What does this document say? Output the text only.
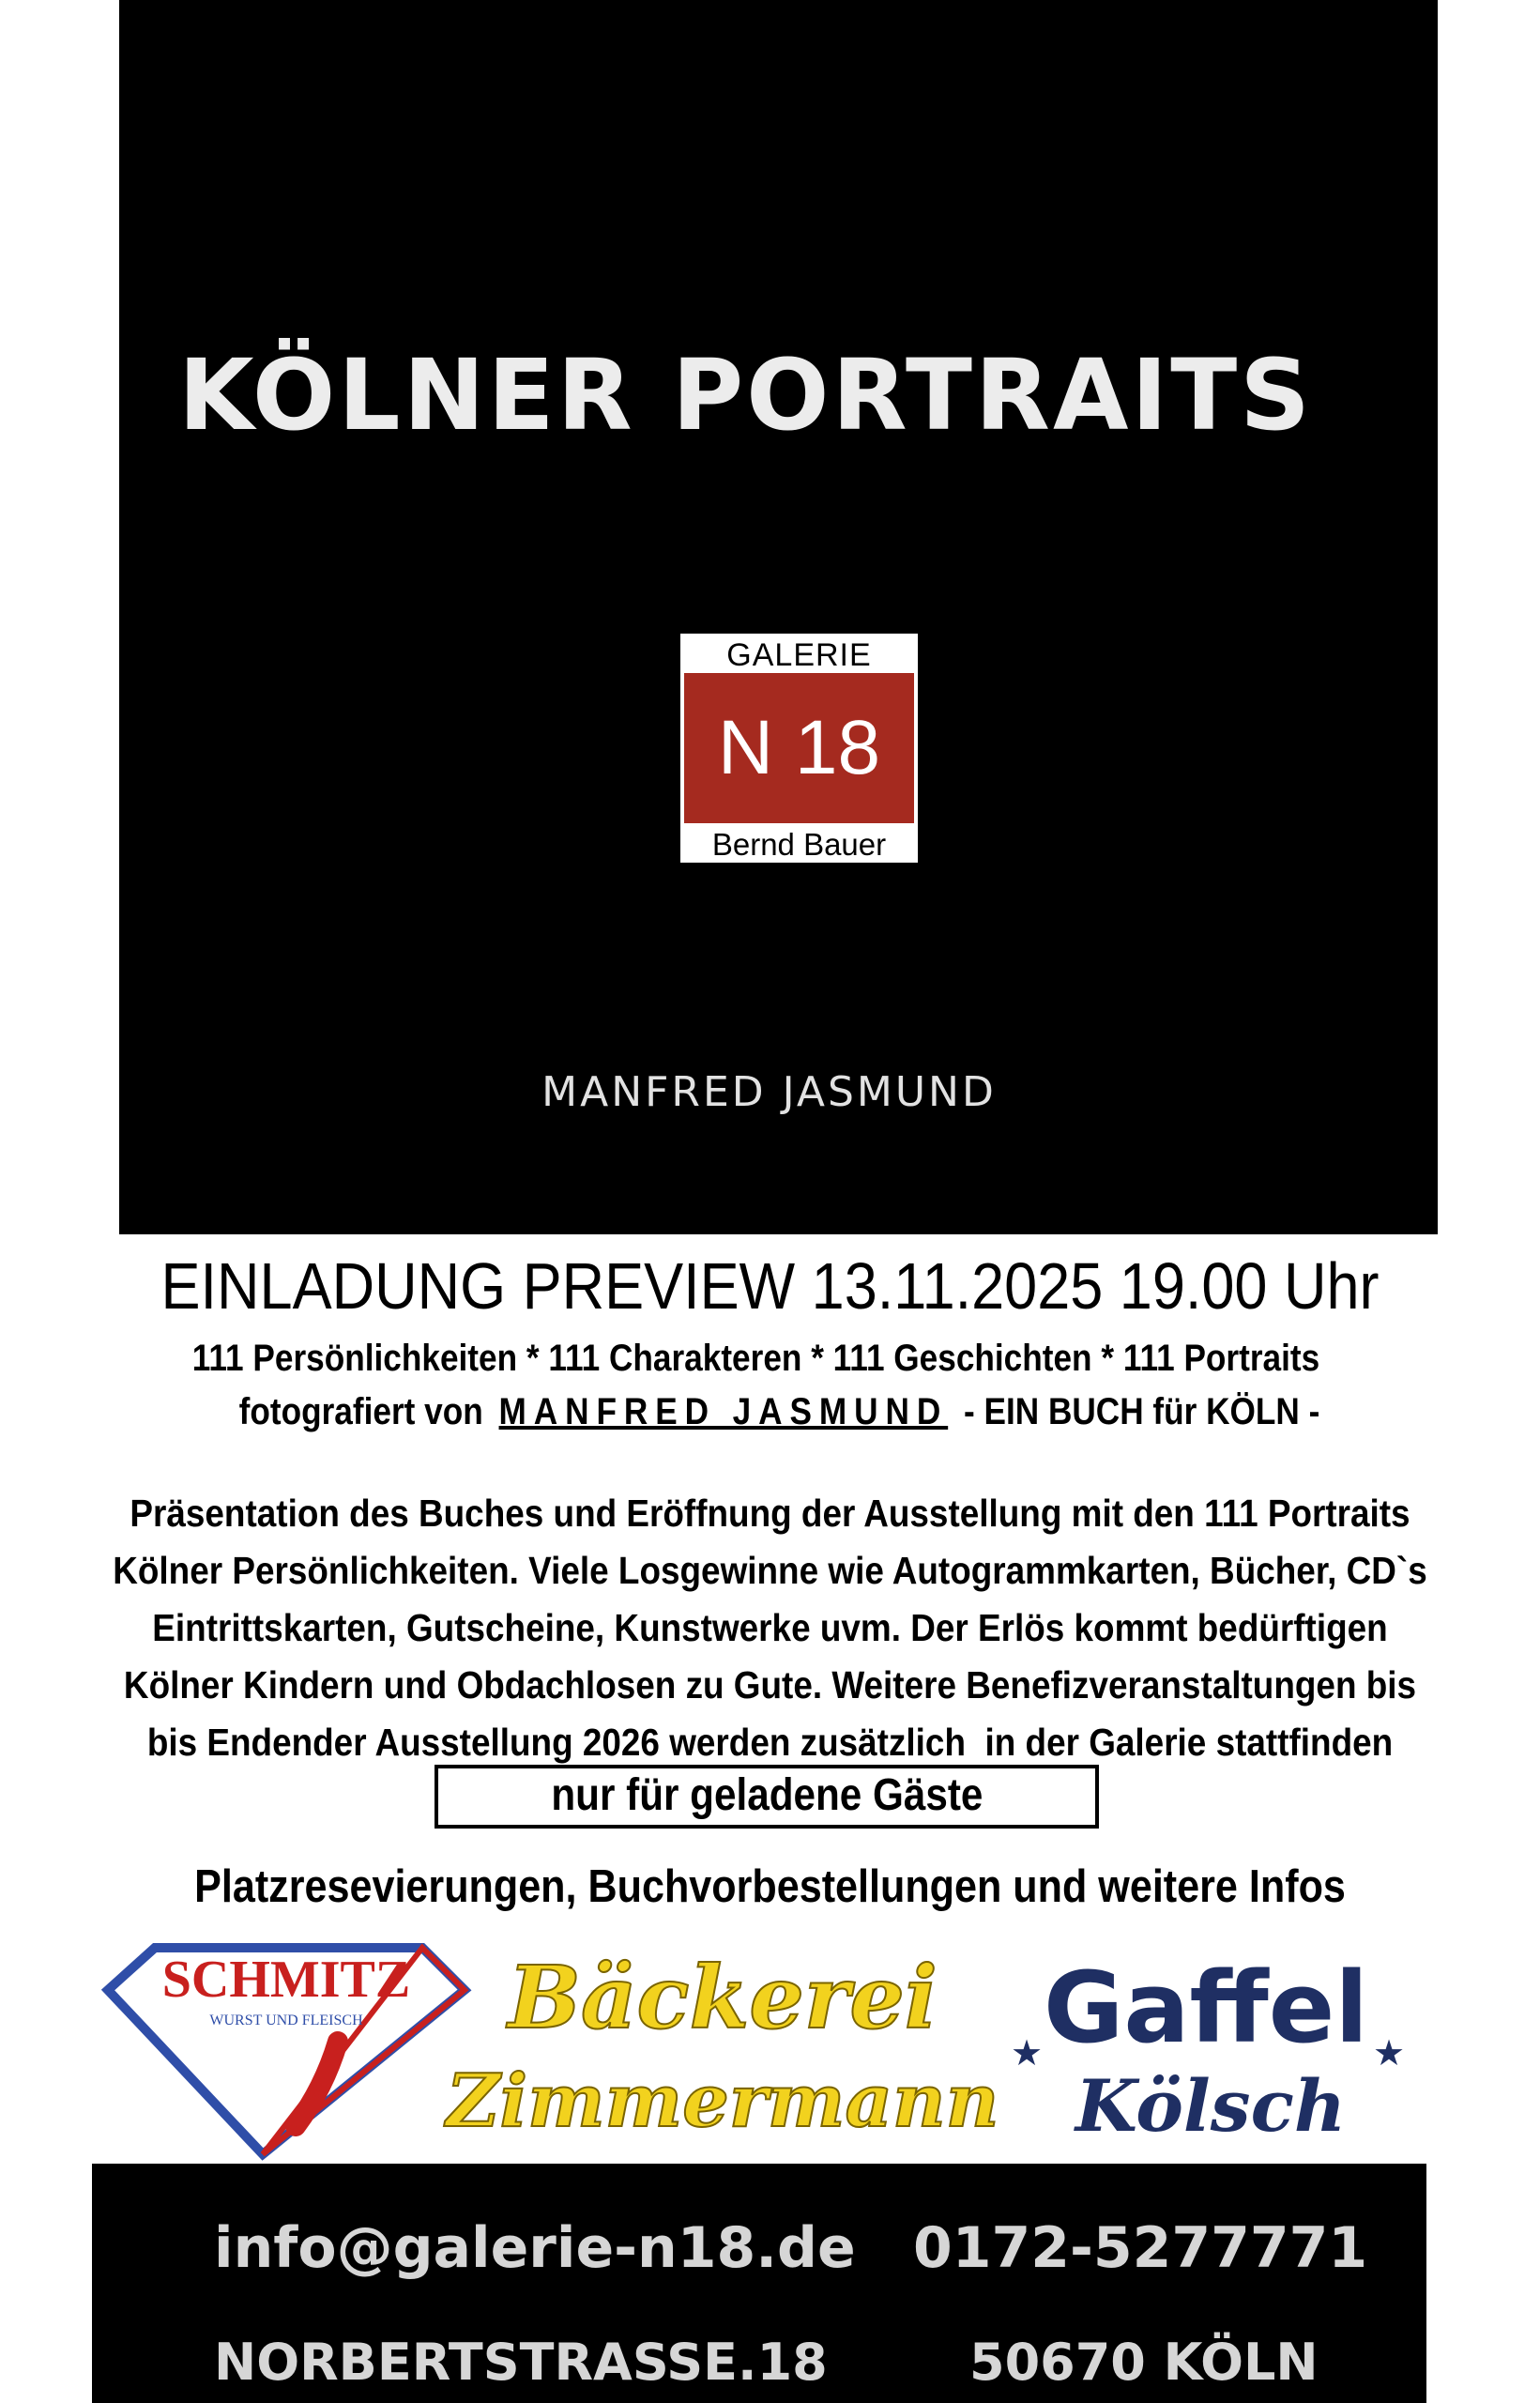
KÖLNER PORTRAITS
GALERIE
N 18
Bernd Bauer
MANFRED JASMUND
EINLADUNG PREVIEW 13.11.2025 19.00 Uhr
111 Persönlichkeiten * 111 Charakteren * 111 Geschichten * 111 Portraits
fotografiert von MANFRED JASMUND - EIN BUCH für KÖLN -
Präsentation des Buches und Eröffnung der Ausstellung mit den 111 Portraits
Kölner Persönlichkeiten. Viele Losgewinne wie Autogrammkarten, Bücher, CD`s
Eintrittskarten, Gutscheine, Kunstwerke uvm. Der Erlös kommt bedürftigen
Kölner Kindern und Obdachlosen zu Gute. Weitere Benefizveranstaltungen bis
bis Endender Ausstellung 2026 werden zusätzlich  in der Galerie stattfinden
nur für geladene Gäste
Platzresevierungen, Buchvorbestellungen und weitere Infos
SCHMITZ
WURST UND FLEISCH Bäckerei
Zimmermann
Gaffel
Kölsch
★	★
info@galerie-n18.de 0172-5277771
NORBERTSTRASSE.18	50670 KÖLN
